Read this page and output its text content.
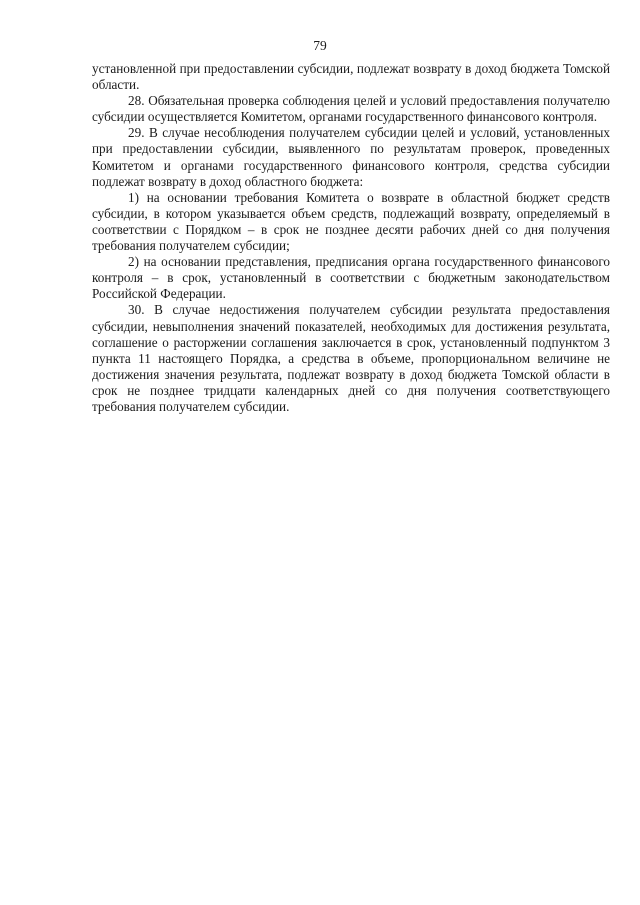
79

установленной при предоставлении субсидии, подлежат возврату в доход бюджета Томской области.

28. Обязательная проверка соблюдения целей и условий предоставления получателю субсидии осуществляется Комитетом, органами государственного финансового контроля.

29. В случае несоблюдения получателем субсидии целей и условий, установленных при предоставлении субсидии, выявленного по результатам проверок, проведенных Комитетом и органами государственного финансового контроля, средства субсидии подлежат возврату в доход областного бюджета:

1) на основании требования Комитета о возврате в областной бюджет средств субсидии, в котором указывается объем средств, подлежащий возврату, определяемый в соответствии с Порядком – в срок не позднее десяти рабочих дней со дня получения требования получателем субсидии;

2) на основании представления, предписания органа государственного финансового контроля – в срок, установленный в соответствии с бюджетным законодательством Российской Федерации.

30. В случае недостижения получателем субсидии результата предоставления субсидии, невыполнения значений показателей, необходимых для достижения результата, соглашение о расторжении соглашения заключается в срок, установленный подпунктом 3 пункта 11 настоящего Порядка, а средства в объеме, пропорциональном величине не достижения значения результата, подлежат возврату в доход бюджета Томской области в срок не позднее тридцати календарных дней со дня получения соответствующего требования получателем субсидии.
